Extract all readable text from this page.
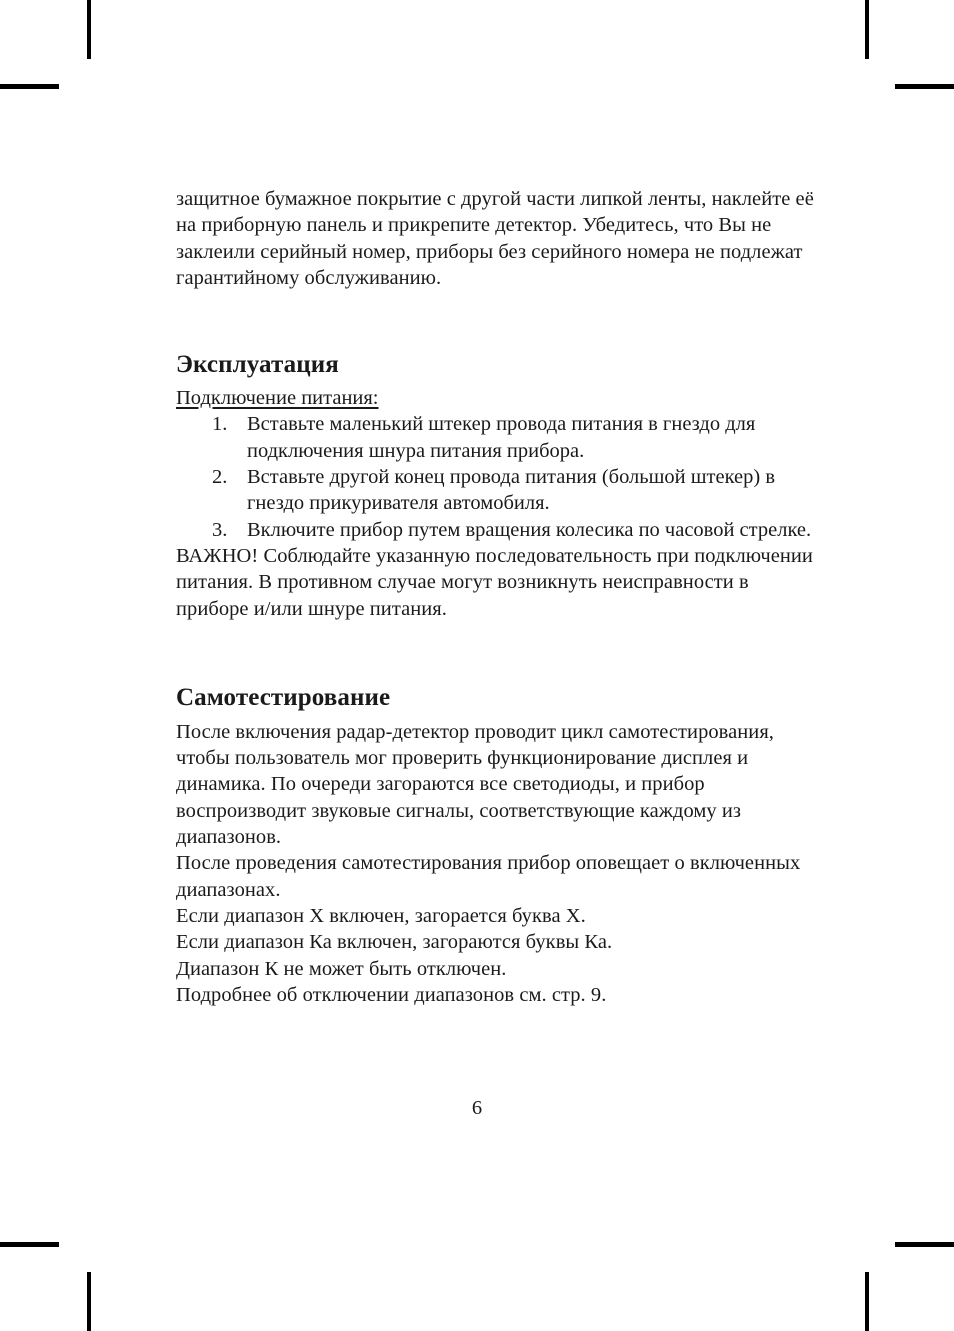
защитное бумажное покрытие с другой части липкой ленты, наклейте её на приборную панель и прикрепите детектор. Убедитесь, что Вы не заклеили серийный номер, приборы без серийного номера не подлежат гарантийному обслуживанию.

Эксплуатация
Подключение питания:
Вставьте маленький штекер провода питания в гнездо для подключения шнура питания прибора.
Вставьте другой конец провода питания (большой штекер) в гнездо прикуривателя автомобиля.
Включите прибор путем вращения колесика по часовой стрелке.

ВАЖНО! Соблюдайте указанную последовательность при подключении питания. В противном случае могут возникнуть неисправности в приборе и/или шнуре питания.

Самотестирование

После включения радар-детектор проводит цикл самотестирования, чтобы пользователь мог проверить функционирование дисплея и динамика. По очереди загораются все светодиоды, и прибор воспроизводит звуковые сигналы, соответствующие каждому из диапазонов.

После проведения самотестирования прибор оповещает о включенных диапазонах.

Если диапазон Х включен, загорается буква Х.

Если диапазон Ка включен, загораются буквы Ка.

Диапазон К не может быть отключен.

Подробнее об отключении диапазонов см. стр. 9.

6
